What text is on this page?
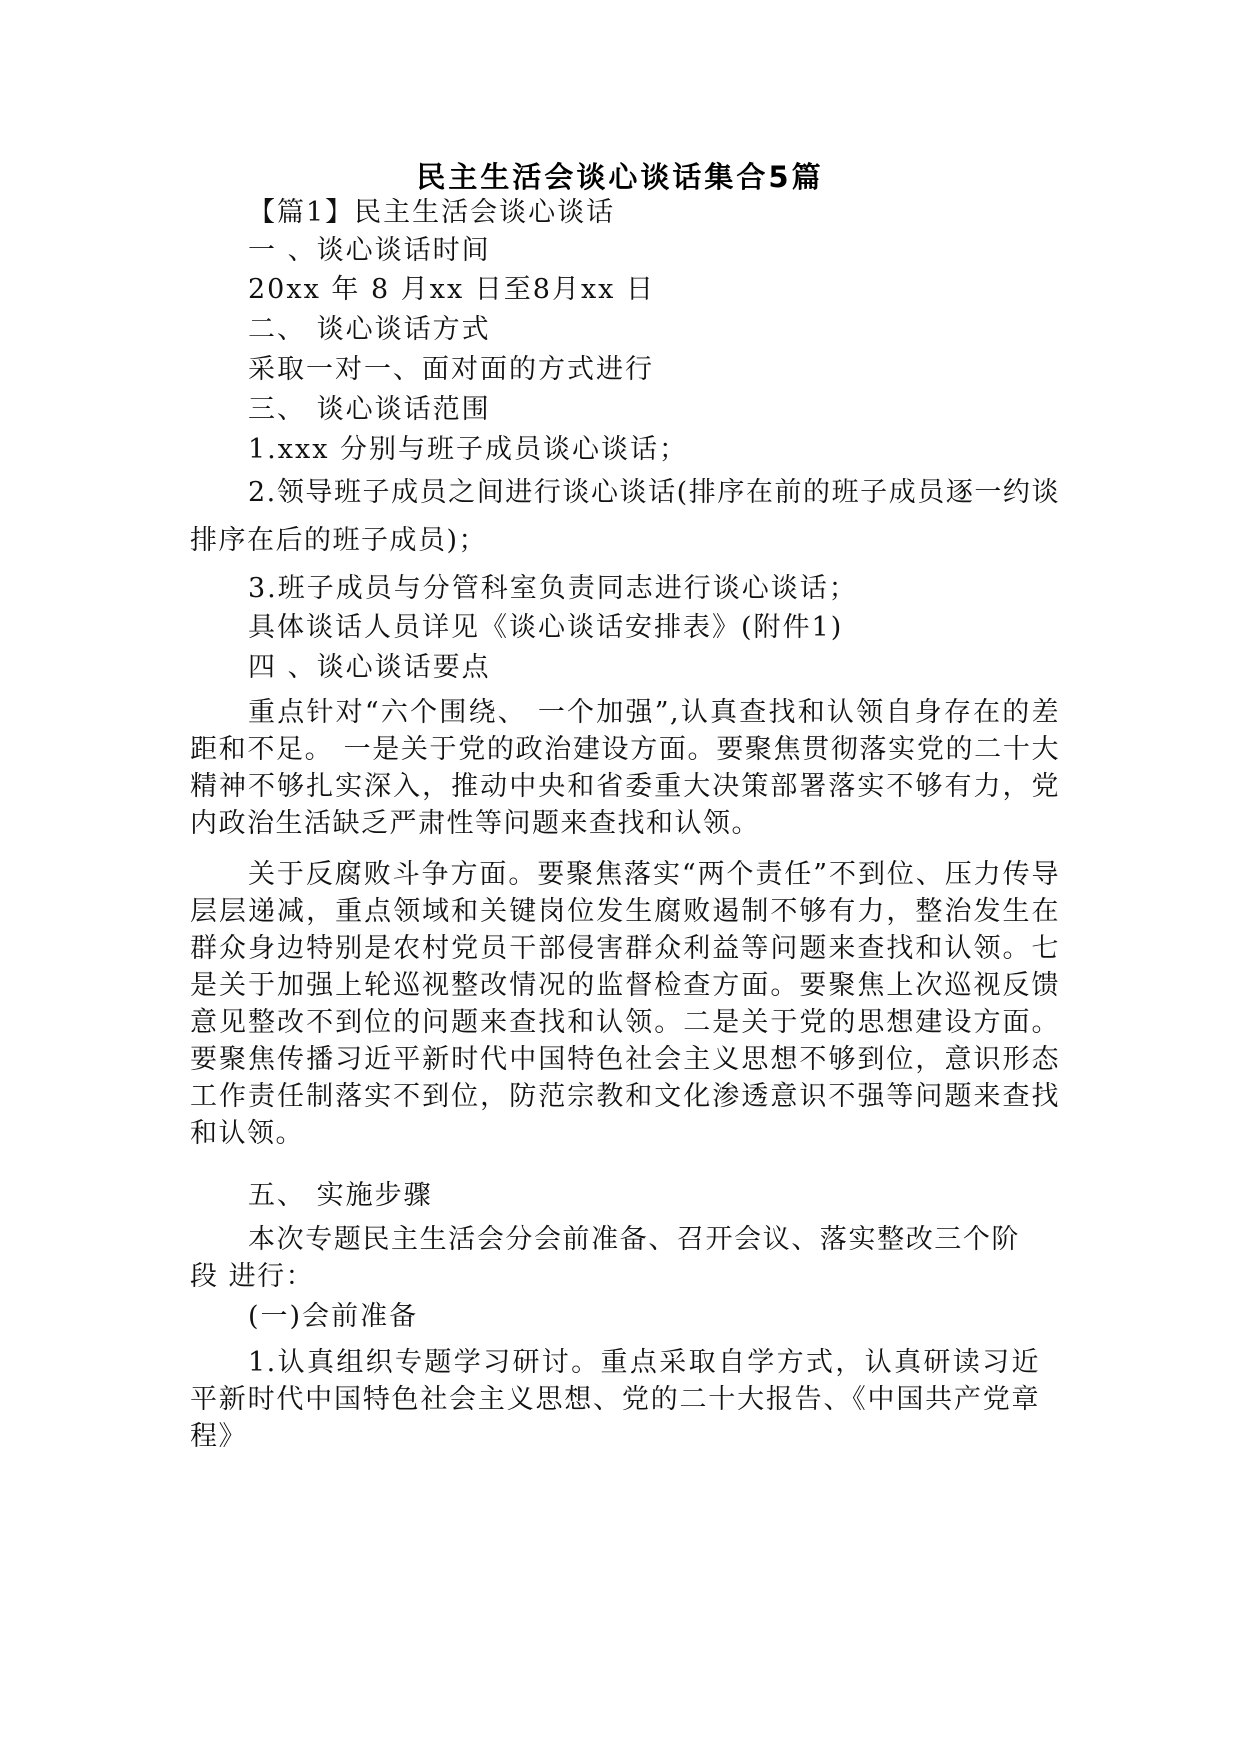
民主生活会谈心谈话集合5篇
【篇1】民主生活会谈心谈话
一 、谈心谈话时间
20xx 年 8 月xx 日至8月xx 日
二、 谈心谈话方式
采取一对一、面对面的方式进行
三、 谈心谈话范围
1.xxx 分别与班子成员谈心谈话；
2.领导班子成员之间进行谈心谈话(排序在前的班子成员逐一约谈排序在后的班子成员)；
3.班子成员与分管科室负责同志进行谈心谈话；
具体谈话人员详见《谈心谈话安排表》(附件1)
四 、谈心谈话要点
重点针对“六个围绕、 一个加强”,认真查找和认领自身存在的差距和不足。 一是关于党的政治建设方面。要聚焦贯彻落实党的二十大精神不够扎实深入，推动中央和省委重大决策部署落实不够有力，党内政治生活缺乏严肃性等问题来查找和认领。
关于反腐败斗争方面。要聚焦落实“两个责任”不到位、压力传导层层递减，重点领域和关键岗位发生腐败遏制不够有力，整治发生在群众身边特别是农村党员干部侵害群众利益等问题来查找和认领。七是关于加强上轮巡视整改情况的监督检查方面。要聚焦上次巡视反馈意见整改不到位的问题来查找和认领。二是关于党的思想建设方面。要聚焦传播习近平新时代中国特色社会主义思想不够到位，意识形态工作责任制落实不到位，防范宗教和文化渗透意识不强等问题来查找和认领。
五、 实施步骤
本次专题民主生活会分会前准备、召开会议、落实整改三个阶段 进行：
(一)会前准备
1.认真组织专题学习研讨。重点采取自学方式，认真研读习近平新时代中国特色社会主义思想、党的二十大报告、《中国共产党章程》
